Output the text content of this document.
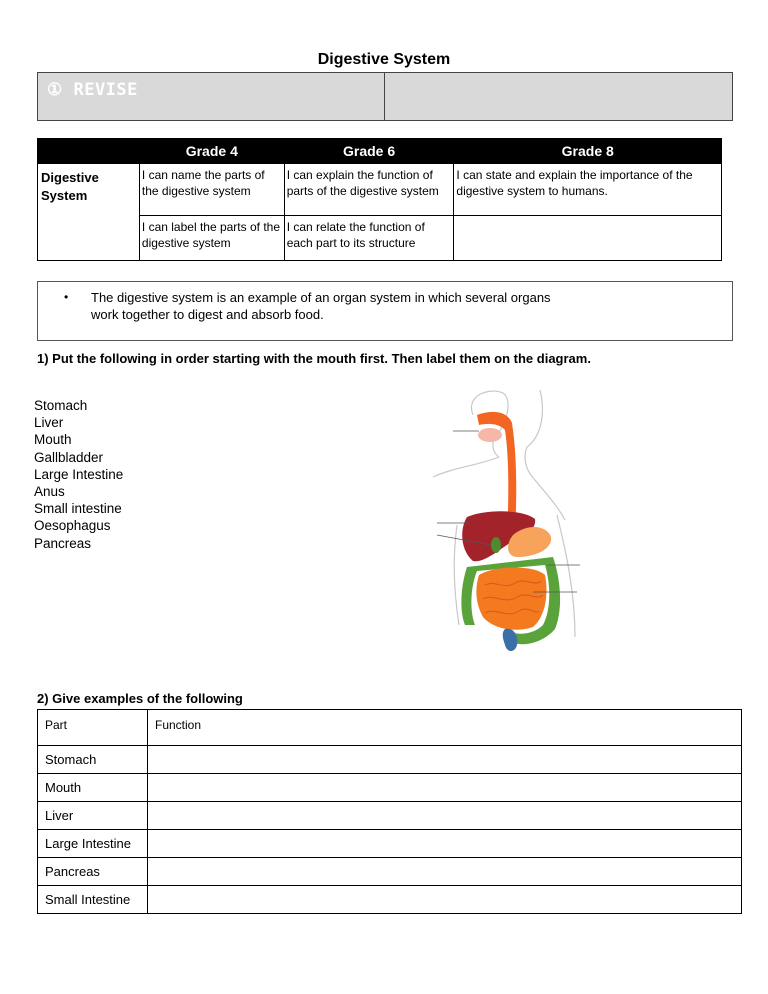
Digestive System
① REVISE
	Grade 4	Grade 6	Grade 8
Digestive System	I can name the parts of the digestive system	I can explain the function of parts of the digestive system	I can state and explain the importance of the digestive system to humans.
	I can label the parts of the digestive system	I can relate the function of each part to its structure	
•	The digestive system is an example of an organ system in which several organs work together to digest and absorb food.
1) Put the following in order starting with the mouth first. Then label them on the diagram.
Stomach
Liver
Mouth
Gallbladder
Large Intestine
Anus
Small intestine
Oesophagus
Pancreas
2) Give examples of the following
Part	Function
Stomach	
Mouth	
Liver	
Large Intestine	
Pancreas	
Small Intestine	
